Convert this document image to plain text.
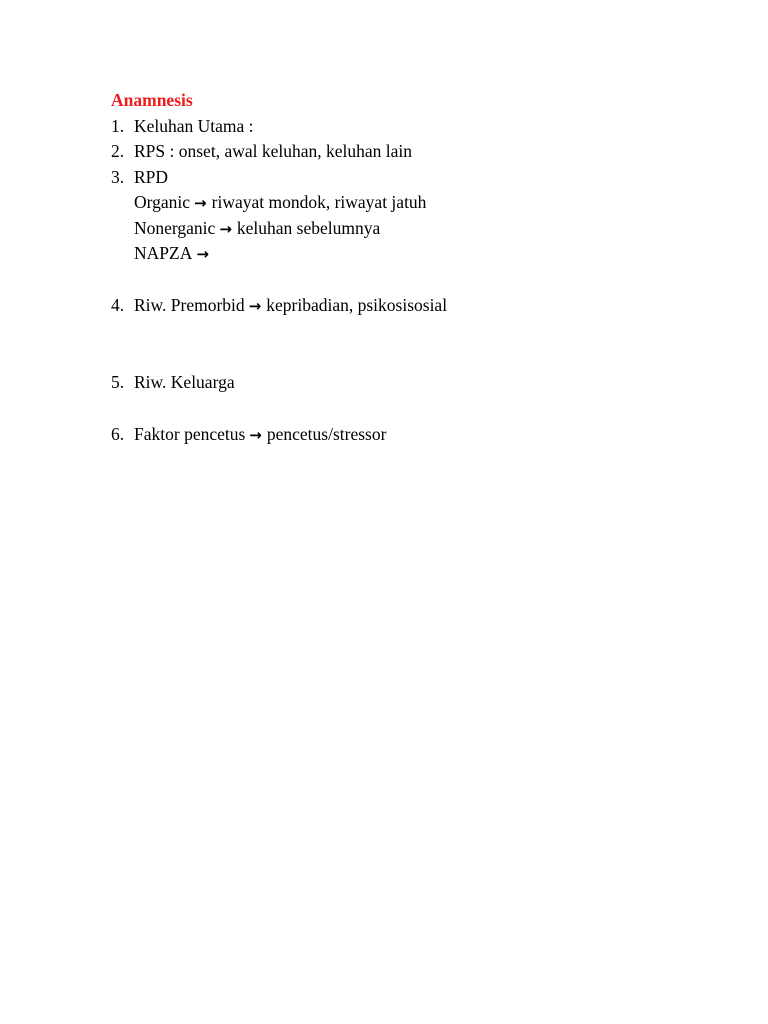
Anamnesis
1. Keluhan Utama :
2. RPS : onset, awal keluhan, keluhan lain
3. RPD
Organic → riwayat mondok, riwayat jatuh
Nonerganic → keluhan sebelumnya
NAPZA →
4. Riw. Premorbid → kepribadian, psikosisosial
5. Riw. Keluarga
6. Faktor pencetus → pencetus/stressor
